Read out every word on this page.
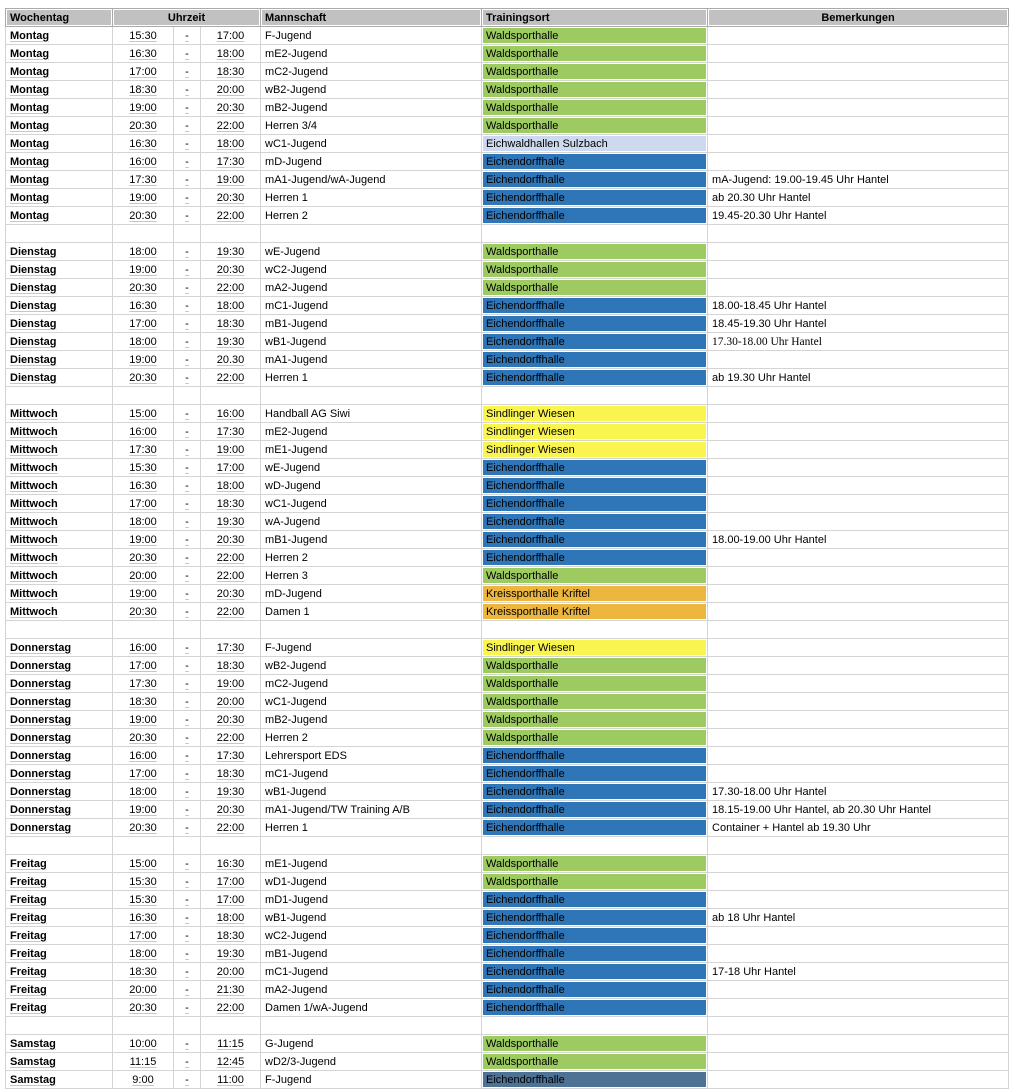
Wochentag	Uhrzeit			Mannschaft	Trainingsort	Bemerkungen
Montag	15:30	-	17:00	F-Jugend	Waldsporthalle	
Montag	16:30	-	18:00	mE2-Jugend	Waldsporthalle	
Montag	17:00	-	18:30	mC2-Jugend	Waldsporthalle	
Montag	18:30	-	20:00	wB2-Jugend	Waldsporthalle	
Montag	19:00	-	20:30	mB2-Jugend	Waldsporthalle	
Montag	20:30	-	22:00	Herren 3/4	Waldsporthalle	
Montag	16:30	-	18:00	wC1-Jugend	Eichwaldhallen Sulzbach	
Montag	16:00	-	17:30	mD-Jugend	Eichendorffhalle	
Montag	17:30	-	19:00	mA1-Jugend/wA-Jugend	Eichendorffhalle	mA-Jugend: 19.00-19.45 Uhr Hantel
Montag	19:00	-	20:30	Herren 1	Eichendorffhalle	ab 20.30 Uhr Hantel
Montag	20:30	-	22:00	Herren 2	Eichendorffhalle	19.45-20.30 Uhr Hantel

Dienstag	18:00	-	19:30	wE-Jugend	Waldsporthalle	
Dienstag	19:00	-	20:30	wC2-Jugend	Waldsporthalle	
Dienstag	20:30	-	22:00	mA2-Jugend	Waldsporthalle	
Dienstag	16:30	-	18:00	mC1-Jugend	Eichendorffhalle	18.00-18.45 Uhr Hantel
Dienstag	17:00	-	18:30	mB1-Jugend	Eichendorffhalle	18.45-19.30 Uhr Hantel
Dienstag	18:00	-	19:30	wB1-Jugend	Eichendorffhalle	17.30-18.00 Uhr Hantel
Dienstag	19:00	-	20.30	mA1-Jugend	Eichendorffhalle	
Dienstag	20:30	-	22:00	Herren 1	Eichendorffhalle	ab 19.30 Uhr Hantel

Mittwoch	15:00	-	16:00	Handball AG Siwi	Sindlinger Wiesen	
Mittwoch	16:00	-	17:30	mE2-Jugend	Sindlinger Wiesen	
Mittwoch	17:30	-	19:00	mE1-Jugend	Sindlinger Wiesen	
Mittwoch	15:30	-	17:00	wE-Jugend	Eichendorffhalle	
Mittwoch	16:30	-	18:00	wD-Jugend	Eichendorffhalle	
Mittwoch	17:00	-	18:30	wC1-Jugend	Eichendorffhalle	
Mittwoch	18:00	-	19:30	wA-Jugend	Eichendorffhalle	
Mittwoch	19:00	-	20:30	mB1-Jugend	Eichendorffhalle	18.00-19.00 Uhr Hantel
Mittwoch	20:30	-	22:00	Herren 2	Eichendorffhalle	
Mittwoch	20:00	-	22:00	Herren 3	Waldsporthalle	
Mittwoch	19:00	-	20:30	mD-Jugend	Kreissporthalle Kriftel	
Mittwoch	20:30	-	22:00	Damen 1	Kreissporthalle Kriftel	

Donnerstag	16:00	-	17:30	F-Jugend	Sindlinger Wiesen	
Donnerstag	17:00	-	18:30	wB2-Jugend	Waldsporthalle	
Donnerstag	17:30	-	19:00	mC2-Jugend	Waldsporthalle	
Donnerstag	18:30	-	20:00	wC1-Jugend	Waldsporthalle	
Donnerstag	19:00	-	20:30	mB2-Jugend	Waldsporthalle	
Donnerstag	20:30	-	22:00	Herren 2	Waldsporthalle	
Donnerstag	16:00	-	17:30	Lehrersport EDS	Eichendorffhalle	
Donnerstag	17:00	-	18:30	mC1-Jugend	Eichendorffhalle	
Donnerstag	18:00	-	19:30	wB1-Jugend	Eichendorffhalle	17.30-18.00 Uhr Hantel
Donnerstag	19:00	-	20:30	mA1-Jugend/TW Training A/B	Eichendorffhalle	18.15-19.00 Uhr Hantel, ab 20.30 Uhr Hantel
Donnerstag	20:30	-	22:00	Herren 1	Eichendorffhalle	Container + Hantel ab 19.30 Uhr

Freitag	15:00	-	16:30	mE1-Jugend	Waldsporthalle	
Freitag	15:30	-	17:00	wD1-Jugend	Waldsporthalle	
Freitag	15:30	-	17:00	mD1-Jugend	Eichendorffhalle	
Freitag	16:30	-	18:00	wB1-Jugend	Eichendorffhalle	ab 18 Uhr Hantel
Freitag	17:00	-	18:30	wC2-Jugend	Eichendorffhalle	
Freitag	18:00	-	19:30	mB1-Jugend	Eichendorffhalle	
Freitag	18:30	-	20:00	mC1-Jugend	Eichendorffhalle	17-18 Uhr Hantel
Freitag	20:00	-	21:30	mA2-Jugend	Eichendorffhalle	
Freitag	20:30	-	22:00	Damen 1/wA-Jugend	Eichendorffhalle	

Samstag	10:00	-	11:15	G-Jugend	Waldsporthalle	
Samstag	11:15	-	12:45	wD2/3-Jugend	Waldsporthalle	
Samstag	9:00	-	11:00	F-Jugend	Eichendorffhalle	
